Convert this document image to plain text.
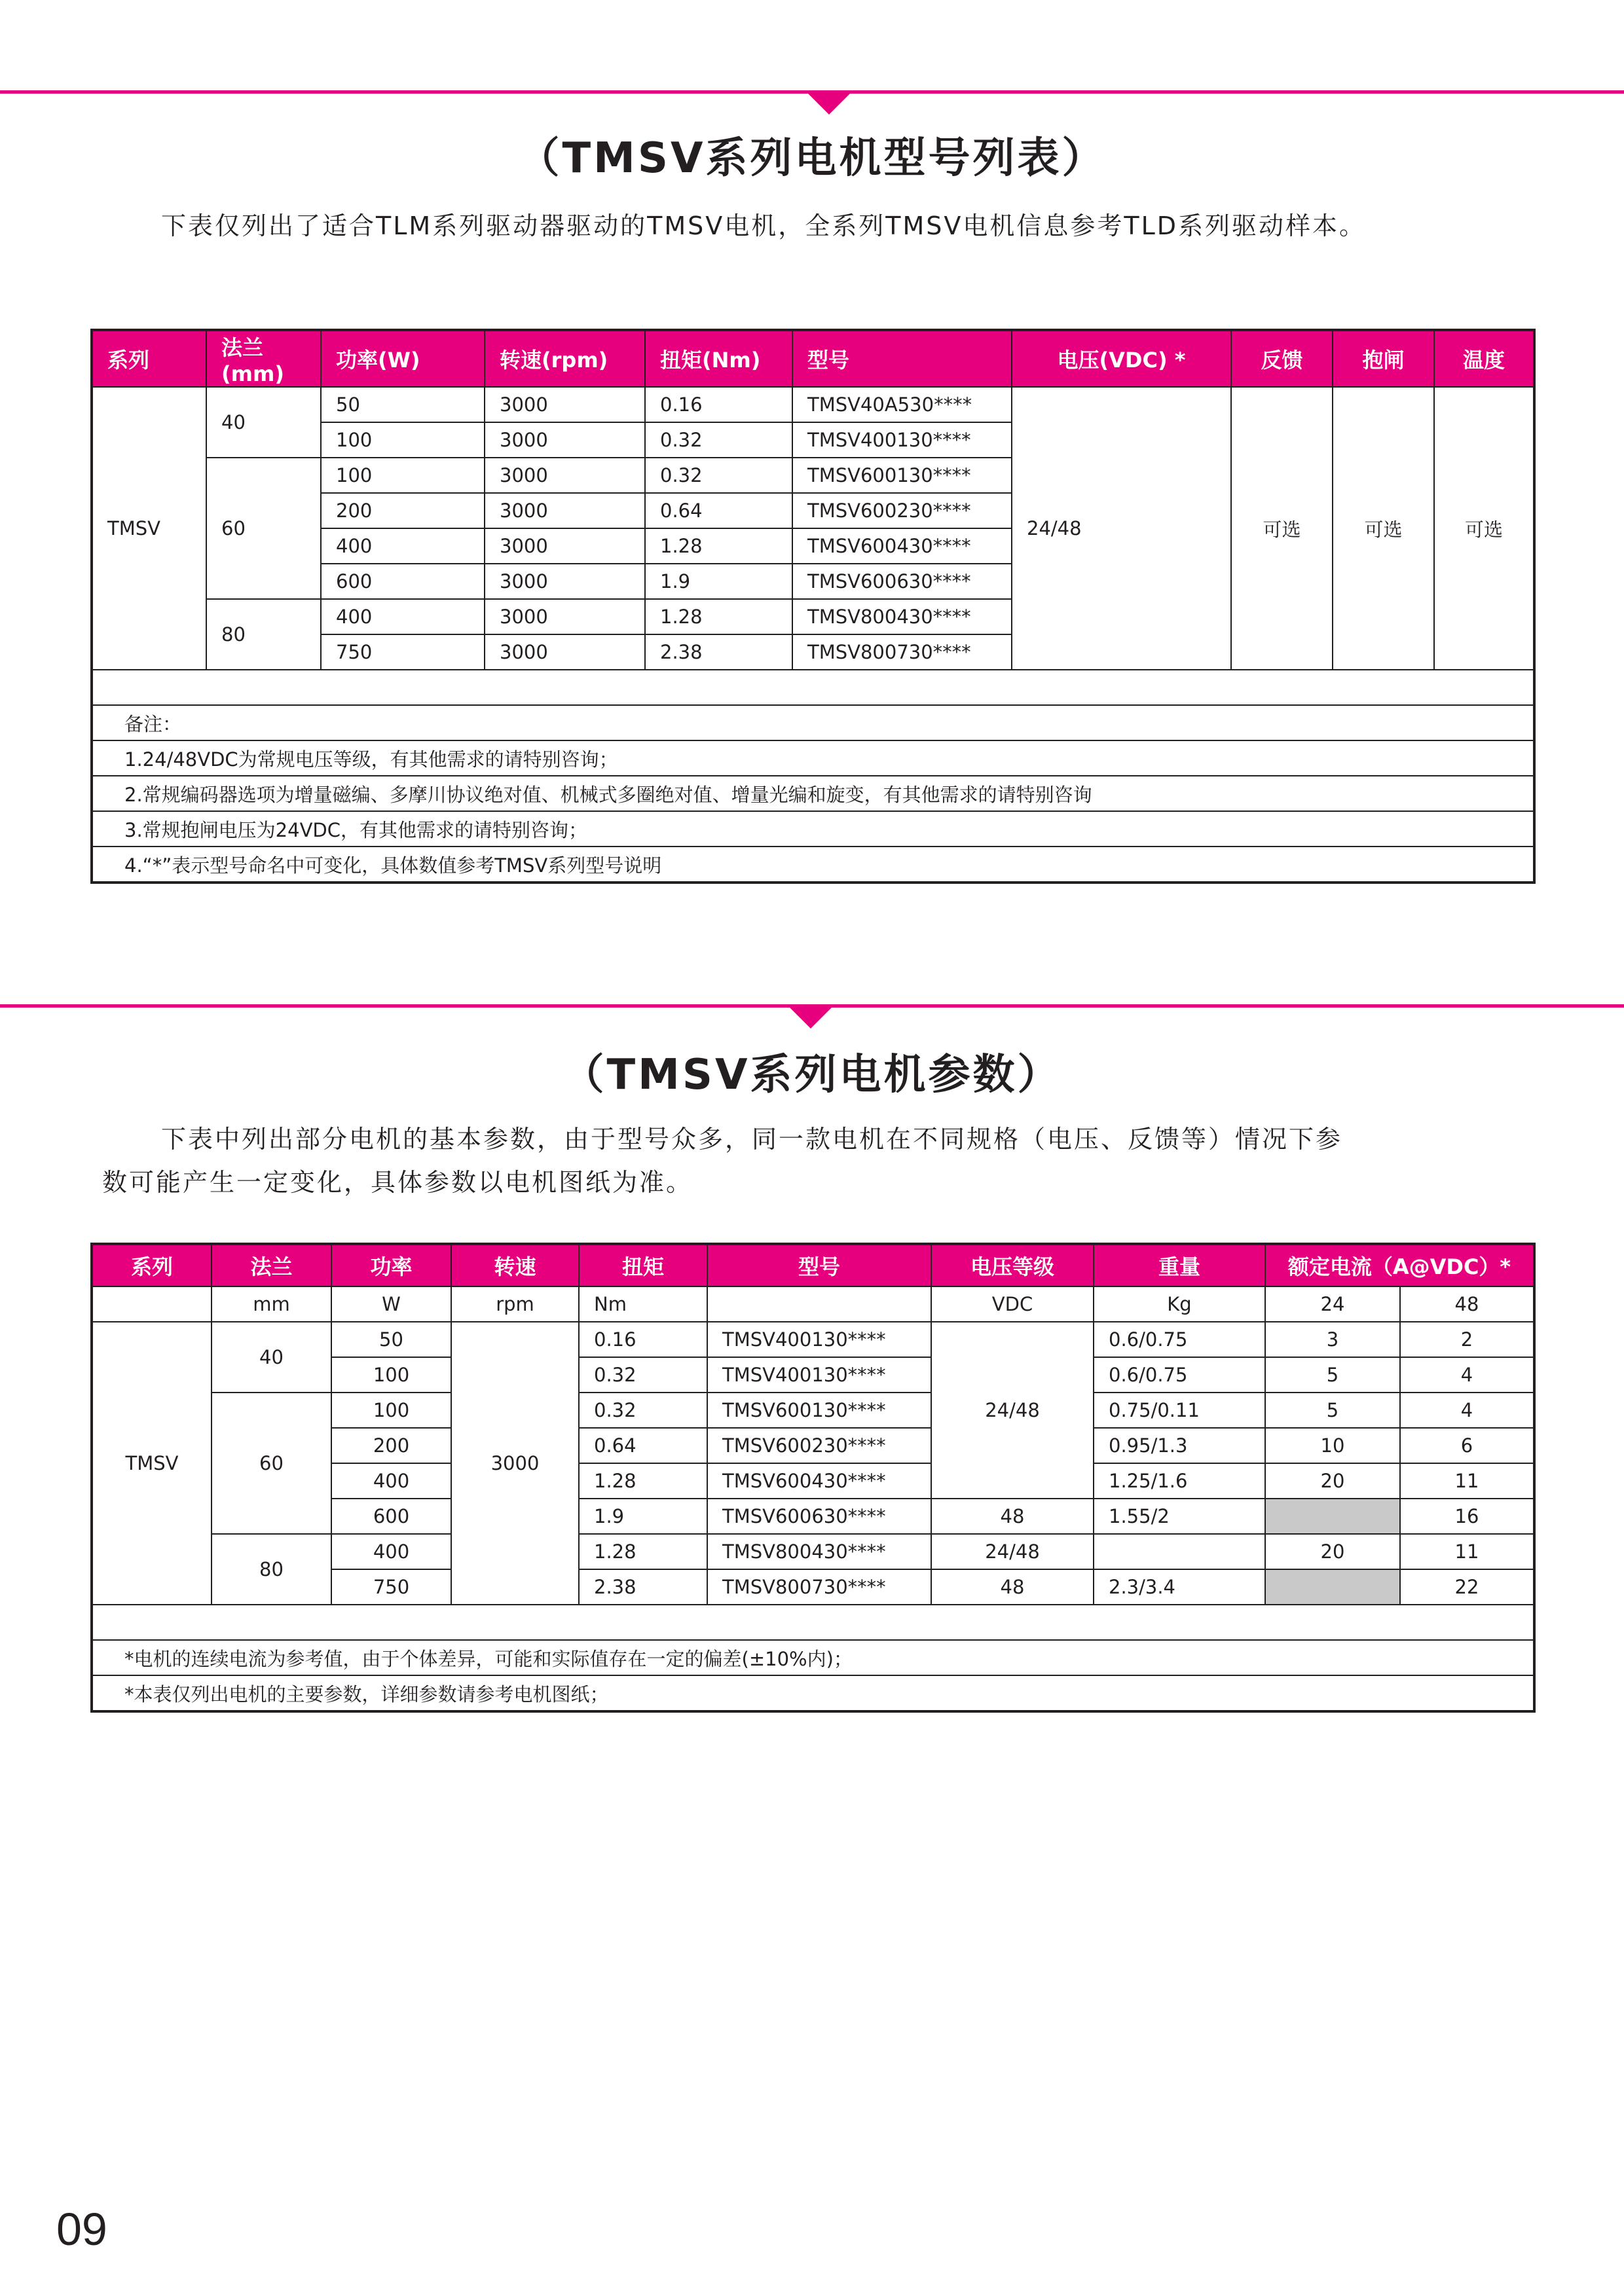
（TMSV系列电机型号列表）

下表仅列出了适合TLM系列驱动器驱动的TMSV电机，全系列TMSV电机信息参考TLD系列驱动样本。

系列	法兰(mm)	功率(W)	转速(rpm)	扭矩(Nm)	型号	电压(VDC) *	反馈	抱闸	温度
TMSV	40	50	3000	0.16	TMSV40A530****	24/48	可选	可选	可选
		100	3000	0.32	TMSV400130****				
	60	100	3000	0.32	TMSV600130****				
		200	3000	0.64	TMSV600230****				
		400	3000	1.28	TMSV600430****				
		600	3000	1.9	TMSV600630****				
	80	400	3000	1.28	TMSV800430****				
		750	3000	2.38	TMSV800730****				

备注：									
1.24/48VDC为常规电压等级，有其他需求的请特别咨询；									
2.常规编码器选项为增量磁编、多摩川协议绝对值、机械式多圈绝对值、增量光编和旋变，有其他需求的请特别咨询									
3.常规抱闸电压为24VDC，有其他需求的请特别咨询；									
4.“*”表示型号命名中可变化，具体数值参考TMSV系列型号说明									
（TMSV系列电机参数）

下表中列出部分电机的基本参数，由于型号众多，同一款电机在不同规格（电压、反馈等）情况下参

数可能产生一定变化，具体参数以电机图纸为准。

系列	法兰	功率	转速	扭矩	型号	电压等级	重量	额定电流（A@VDC）*	
	mm	W	rpm	Nm		VDC	Kg	24	48
TMSV	40	50	3000	0.16	TMSV400130****	24/48	0.6/0.75	3	2
		100		0.32	TMSV400130****		0.6/0.75	5	4
	60	100		0.32	TMSV600130****		0.75/0.11	5	4
		200		0.64	TMSV600230****		0.95/1.3	10	6
		400		1.28	TMSV600430****		1.25/1.6	20	11
		600		1.9	TMSV600630****	48	1.55/2		16
	80	400		1.28	TMSV800430****	24/48		20	11
		750		2.38	TMSV800730****	48	2.3/3.4		22

*电机的连续电流为参考值，由于个体差异，可能和实际值存在一定的偏差(±10%内)；									
*本表仅列出电机的主要参数，详细参数请参考电机图纸；									
09
